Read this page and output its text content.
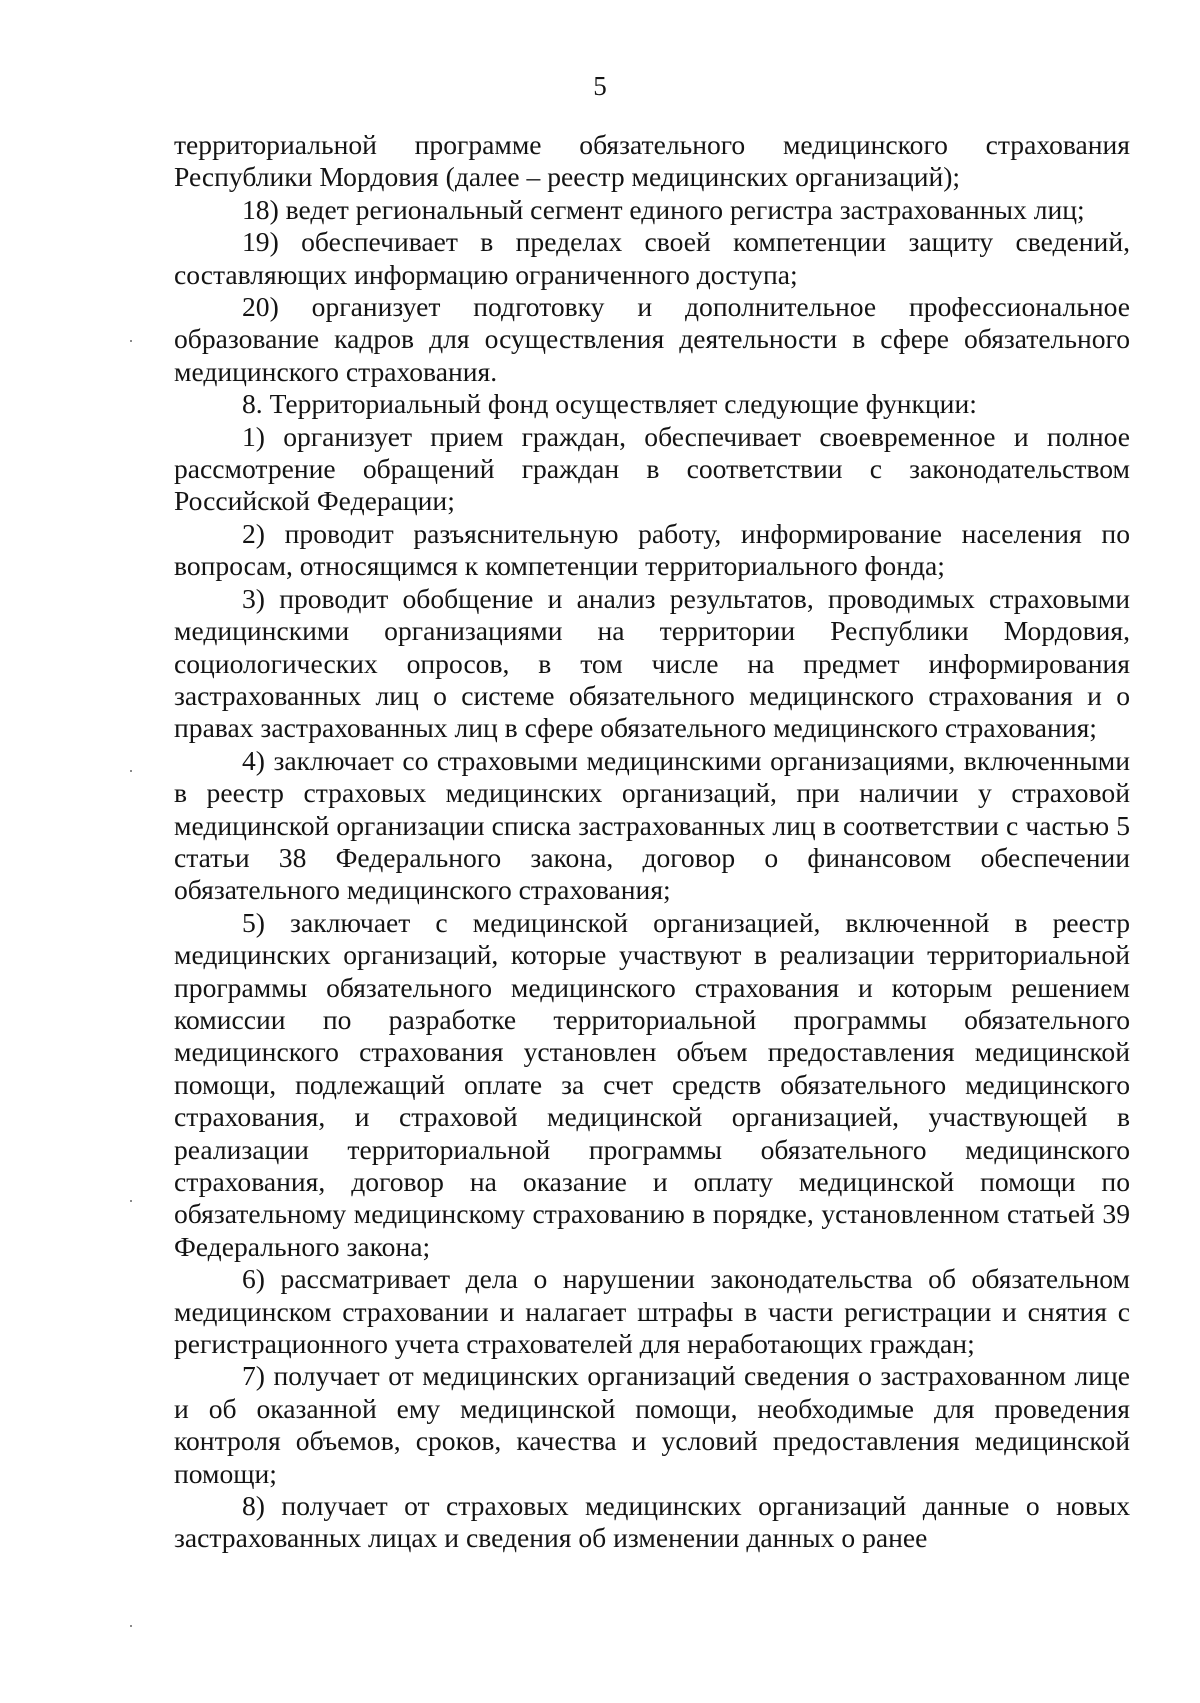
5

территориальной программе обязательного медицинского страхования Республики Мордовия (далее – реестр медицинских организаций);

18) ведет региональный сегмент единого регистра застрахованных лиц;

19) обеспечивает в пределах своей компетенции защиту сведений, составляющих информацию ограниченного доступа;

20) организует подготовку и дополнительное профессиональное образование кадров для осуществления деятельности в сфере обязательного медицинского страхования.

8. Территориальный фонд осуществляет следующие функции:

1) организует прием граждан, обеспечивает своевременное и полное рассмотрение обращений граждан в соответствии с законодательством Российской Федерации;

2) проводит разъяснительную работу, информирование населения по вопросам, относящимся к компетенции территориального фонда;

3) проводит обобщение и анализ результатов, проводимых страховыми медицинскими организациями на территории Республики Мордовия, социологических опросов, в том числе на предмет информирования застрахованных лиц о системе обязательного медицинского страхования и о правах застрахованных лиц в сфере обязательного медицинского страхования;

4) заключает со страховыми медицинскими организациями, включенными в реестр страховых медицинских организаций, при наличии у страховой медицинской организации списка застрахованных лиц в соответствии с частью 5 статьи 38 Федерального закона, договор о финансовом обеспечении обязательного медицинского страхования;

5) заключает с медицинской организацией, включенной в реестр медицинских организаций, которые участвуют в реализации территориальной программы обязательного медицинского страхования и которым решением комиссии по разработке территориальной программы обязательного медицинского страхования установлен объем предоставления медицинской помощи, подлежащий оплате за счет средств обязательного медицинского страхования, и страховой медицинской организацией, участвующей в реализации территориальной программы обязательного медицинского страхования, договор на оказание и оплату медицинской помощи по обязательному медицинскому страхованию в порядке, установленном статьей 39 Федерального закона;

6) рассматривает дела о нарушении законодательства об обязательном медицинском страховании и налагает штрафы в части регистрации и снятия с регистрационного учета страхователей для неработающих граждан;

7) получает от медицинских организаций сведения о застрахованном лице и об оказанной ему медицинской помощи, необходимые для проведения контроля объемов, сроков, качества и условий предоставления медицинской помощи;

8) получает от страховых медицинских организаций данные о новых застрахованных лицах и сведения об изменении данных о ранее
